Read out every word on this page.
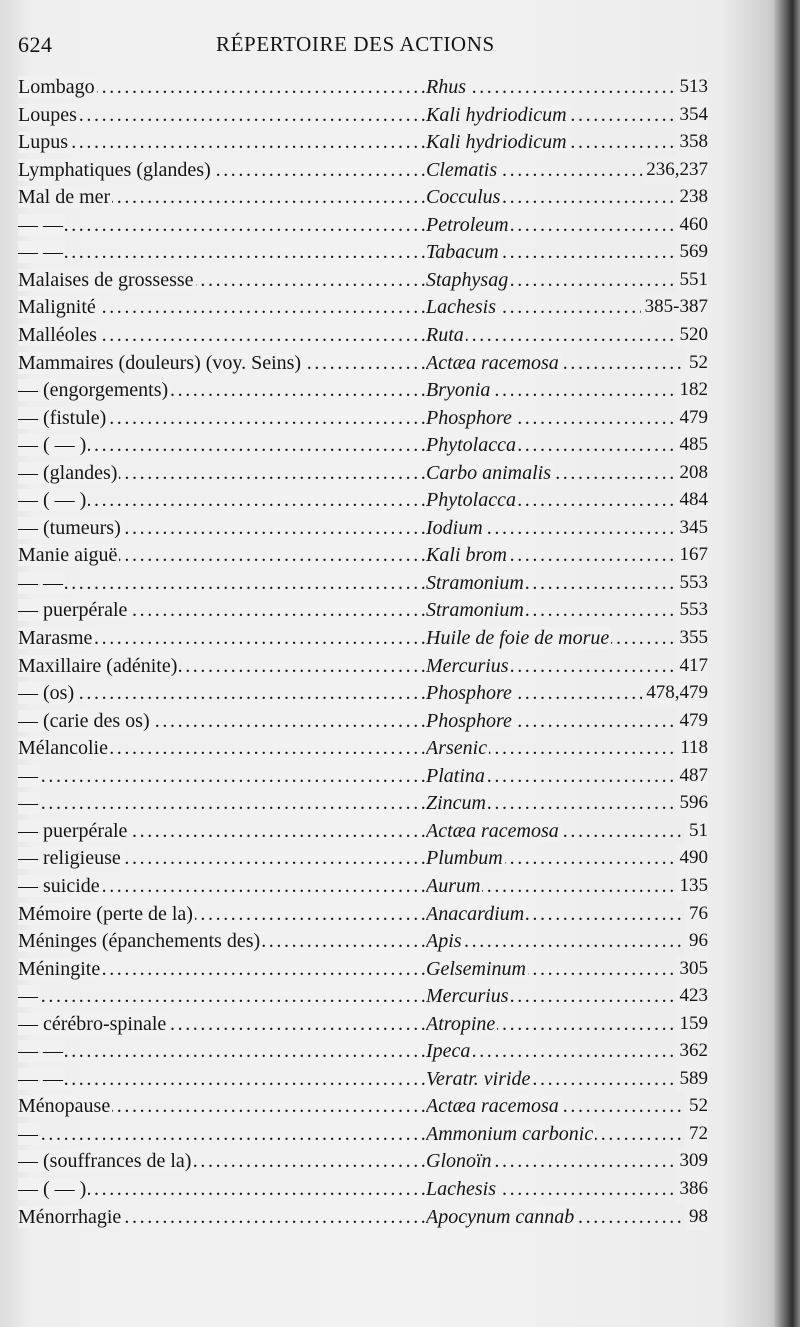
624	RÉPERTOIRE DES ACTIONS
Lombago . . .	Rhus . . .	513
Loupes . . .	Kali hydriodicum . . .	354
Lupus . . .	Kali hydriodicum . . .	358
Lymphatiques (glandes) . . .	Clematis . . .	236,237
Mal de mer . . .	Cocculus . . .	238
— — . . .	Petroleum . . .	460
— — . . .	Tabacum . . .	569
Malaises de grossesse . . .	Staphysag . . .	551
Malignité . . .	Lachesis . . .	385-387
Malléoles . . .	Ruta . . .	520
Mammaires (douleurs) (voy. Seins) . . .	Actæa racemosa . . .	52
— (engorgements) . . .	Bryonia . . .	182
— (fistule) . . .	Phosphore . . .	479
— ( — ) . . .	Phytolacca . . .	485
— (glandes) . . .	Carbo animalis . . .	208
— ( — ) . . .	Phytolacca . . .	484
— (tumeurs) . . .	Iodium . . .	345
Manie aiguë . . .	Kali brom . . .	167
— — . . .	Stramonium . . .	553
— puerpérale . . .	Stramonium . . .	553
Marasme . . .	Huile de foie de morue . . .	355
Maxillaire (adénite) . . .	Mercurius . . .	417
— (os) . . .	Phosphore . . .	478,479
— (carie des os) . . .	Phosphore . . .	479
Mélancolie . . .	Arsenic . . .	118
— . . .	Platina . . .	487
— . . .	Zincum . . .	596
— puerpérale . . .	Actæa racemosa . . .	51
— religieuse . . .	Plumbum . . .	490
— suicide . . .	Aurum . . .	135
Mémoire (perte de la) . . .	Anacardium . . .	76
Méninges (épanchements des) . . .	Apis . . .	96
Méningite . . .	Gelseminum . . .	305
— . . .	Mercurius . . .	423
— cérébro-spinale . . .	Atropine . . .	159
— — . . .	Ipeca . . .	362
— — . . .	Veratr. viride . . .	589
Ménopause . . .	Actæa racemosa . . .	52
— . . .	Ammonium carbonic . . .	72
— (souffrances de la) . . .	Glonoïn . . .	309
— ( — ) . . .	Lachesis . . .	386
Ménorrhagie . . .	Apocynum cannab . . .	98
